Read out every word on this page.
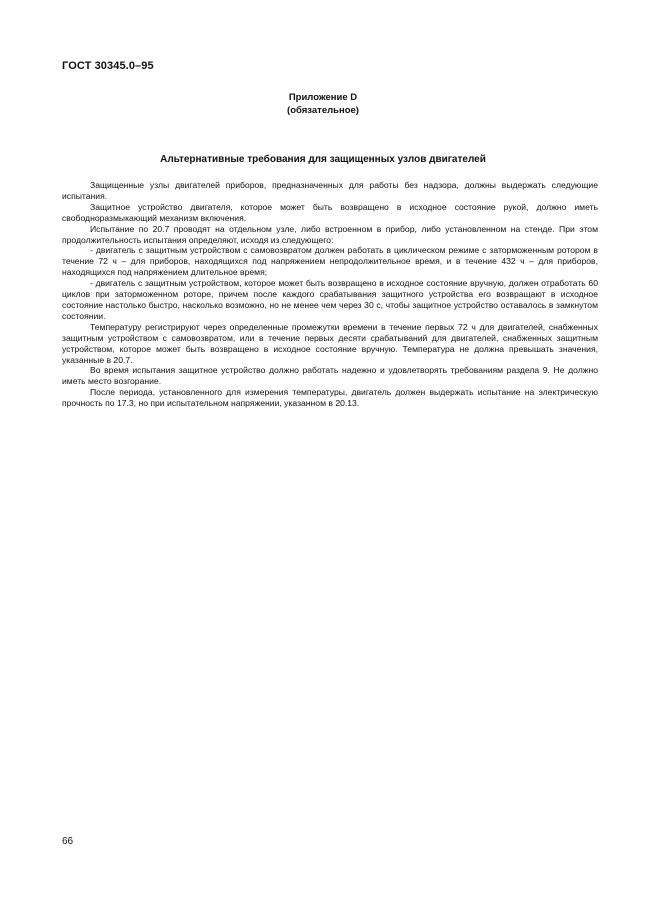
ГОСТ 30345.0–95
Приложение D
(обязательное)
Альтернативные требования для защищенных узлов двигателей

Защищенные узлы двигателей приборов, предназначенных для работы без надзора, должны выдержать следующие испытания.

Защитное устройство двигателя, которое может быть возвращено в исходное состояние рукой, должно иметь свободноразмыкающий механизм включения.

Испытание по 20.7 проводят на отдельном узле, либо встроенном в прибор, либо установленном на стенде. При этом продолжительность испытания определяют, исходя из следующего:

- двигатель с защитным устройством с самовозвратом должен работать в циклическом режиме с заторможенным ротором в течение 72 ч – для приборов, находящихся под напряжением непродолжительное время, и в течение 432 ч – для приборов, находящихся под напряжением длительное время;

- двигатель с защитным устройством, которое может быть возвращено в исходное состояние вручную, должен отработать 60 циклов при заторможенном роторе, причем после каждого срабатывания защитного устройства его возвращают в исходное состояние настолько быстро, насколько возможно, но не менее чем через 30 с, чтобы защитное устройство оставалось в замкнутом состоянии.

Температуру регистрируют через определенные промежутки времени в течение первых 72 ч для двигателей, снабженных защитным устройством с самовозвратом, или в течение первых десяти срабатываний для двигателей, снабженных защитным устройством, которое может быть возвращено в исходное состояние вручную. Температура не должна превышать значения, указанные в 20.7.

Во время испытания защитное устройство должно работать надежно и удовлетворять требованиям раздела 9. Не должно иметь место возгорание.

После периода, установленного для измерения температуры, двигатель должен выдержать испытание на электрическую прочность по 17.3, но при испытательном напряжении, указанном в 20.13.

66
